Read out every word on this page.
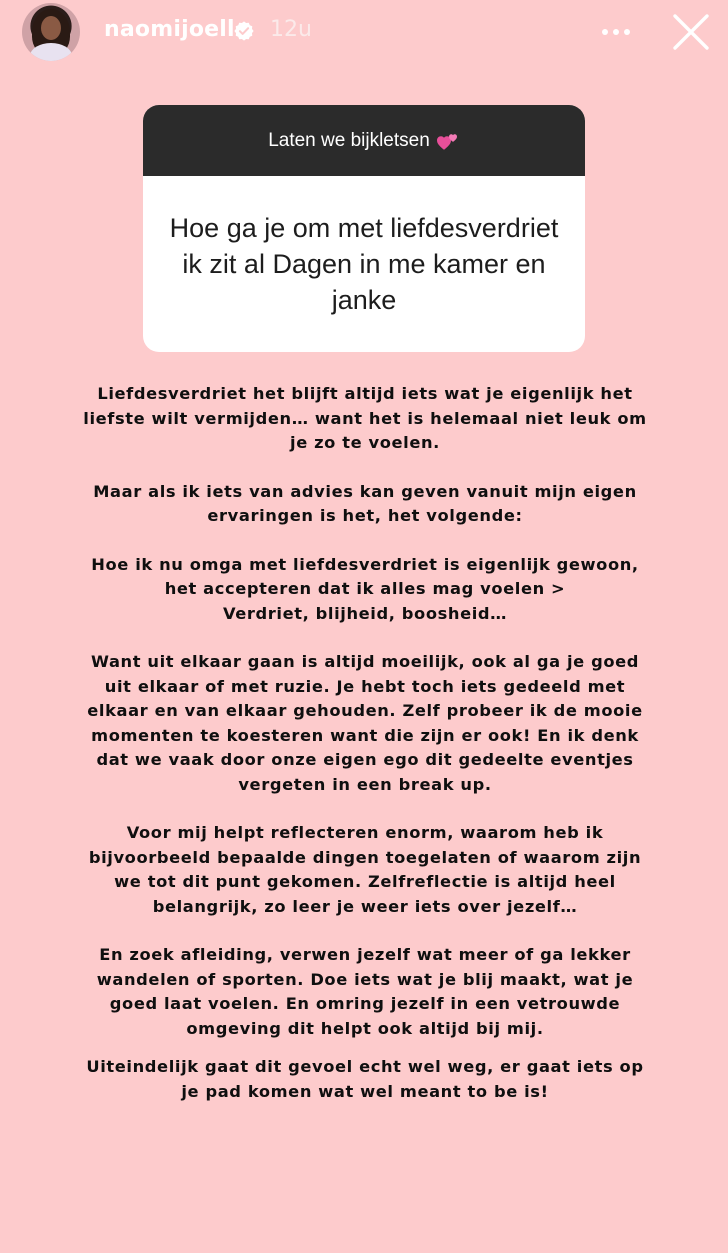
naomijoell 12u
Laten we bijkletsen
Hoe ga je om met liefdesverdriet ik zit al Dagen in me kamer en janke

Liefdesverdriet het blijft altijd iets wat je eigenlijk het
liefste wilt vermijden… want het is helemaal niet leuk om
je zo te voelen.

Maar als ik iets van advies kan geven vanuit mijn eigen
ervaringen is het, het volgende:

Hoe ik nu omga met liefdesverdriet is eigenlijk gewoon,
het accepteren dat ik alles mag voelen >
Verdriet, blijheid, boosheid…

Want uit elkaar gaan is altijd moeilijk, ook al ga je goed
uit elkaar of met ruzie. Je hebt toch iets gedeeld met
elkaar en van elkaar gehouden. Zelf probeer ik de mooie
momenten te koesteren want die zijn er ook! En ik denk
dat we vaak door onze eigen ego dit gedeelte eventjes
vergeten in een break up.

Voor mij helpt reflecteren enorm, waarom heb ik
bijvoorbeeld bepaalde dingen toegelaten of waarom zijn
we tot dit punt gekomen. Zelfreflectie is altijd heel
belangrijk, zo leer je weer iets over jezelf…

En zoek afleiding, verwen jezelf wat meer of ga lekker
wandelen of sporten. Doe iets wat je blij maakt, wat je
goed laat voelen. En omring jezelf in een vetrouwde
omgeving dit helpt ook altijd bij mij.

Uiteindelijk gaat dit gevoel echt wel weg, er gaat iets op
je pad komen wat wel meant to be is!
